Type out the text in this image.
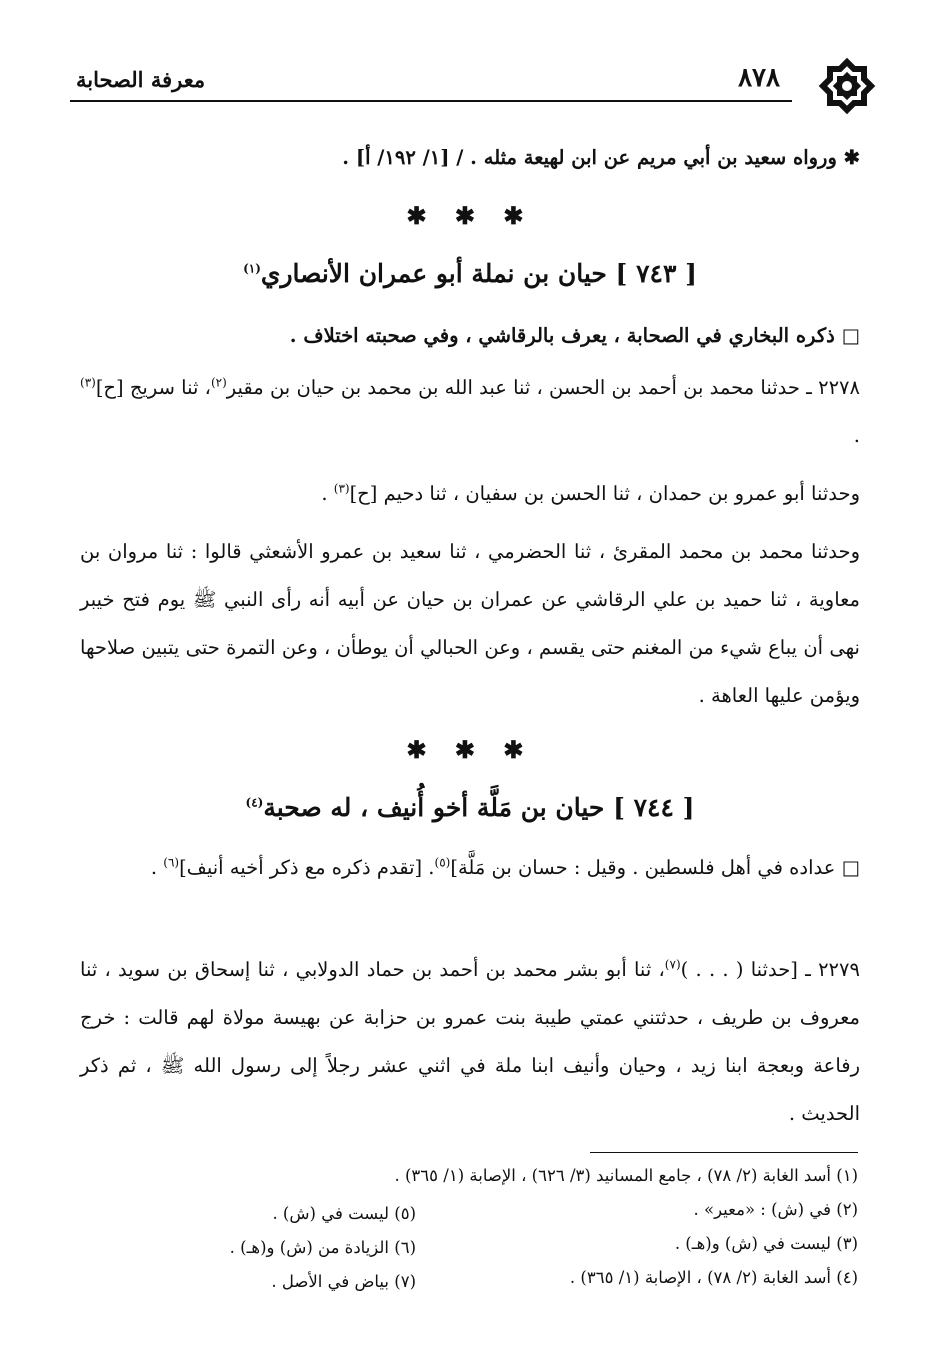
معرفة الصحابة	٨٧٨
✱ ورواه سعيد بن أبي مريم عن ابن لهيعة مثله . / [١/ ١٩٢/ أ] .
✱ ✱ ✱
[ ٧٤٣ ] حيان بن نملة أبو عمران الأنصاري$^{(١)}$
□ ذكره البخاري في الصحابة ، يعرف بالرقاشي ، وفي صحبته اختلاف .
٢٢٧٨ ـ حدثنا محمد بن أحمد بن الحسن ، ثنا عبد الله بن محمد بن حيان بن مقير$^{(٢)}$، ثنا سريج [ح]$^{(٣)}$ .
وحدثنا أبو عمرو بن حمدان ، ثنا الحسن بن سفيان ، ثنا دحيم [ح]$^{(٣)}$ .
وحدثنا محمد بن محمد المقرئ ، ثنا الحضرمي ، ثنا سعيد بن عمرو الأشعثي قالوا : ثنا مروان بن معاوية ، ثنا حميد بن علي الرقاشي عن عمران بن حيان عن أبيه أنه رأى النبي ﷺ يوم فتح خيبر نهى أن يباع شيء من المغنم حتى يقسم ، وعن الحبالي أن يوطأن ، وعن التمرة حتى يتبين صلاحها ويؤمن عليها العاهة .
✱ ✱ ✱
[ ٧٤٤ ] حيان بن مَلَّة أخو أُنيف ، له صحبة$^{(٤)}$
□ عداده في أهل فلسطين . وقيل : حسان بن مَلَّة]$^{(٥)}$. [تقدم ذكره مع ذكر أخيه أنيف]$^{(٦)}$ .
٢٢٧٩ ـ [حدثنا ( . . . )$^{(٧)}$، ثنا أبو بشر محمد بن أحمد بن حماد الدولابي ، ثنا إسحاق بن سويد ، ثنا معروف بن طريف ، حدثتني عمتي طيبة بنت عمرو بن حزابة عن بهيسة مولاة لهم قالت : خرج رفاعة وبعجة ابنا زيد ، وحيان وأنيف ابنا ملة في اثني عشر رجلاً إلى رسول الله ﷺ ، ثم ذكر الحديث .
(١) أسد الغابة (٢/ ٧٨) ، جامع المسانيد (٣/ ٦٢٦) ، الإصابة (١/ ٣٦٥) .
(٢) في (ش) : «معير» .
(٣) ليست في (ش) و(هـ) .
(٤) أسد الغابة (٢/ ٧٨) ، الإصابة (١/ ٣٦٥) .
(٥) ليست في (ش) .
(٦) الزيادة من (ش) و(هـ) .
(٧) بياض في الأصل .
